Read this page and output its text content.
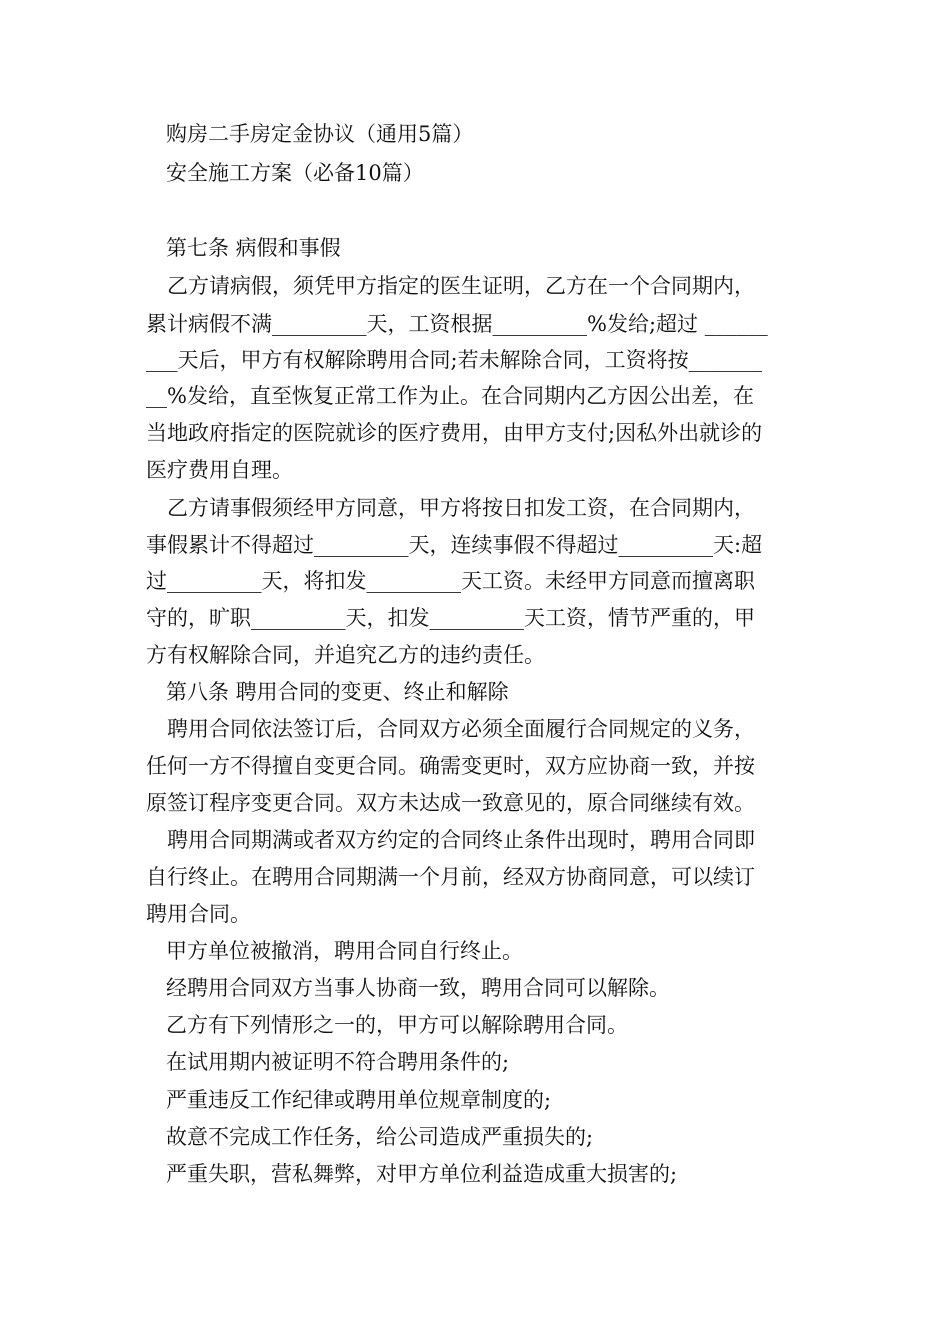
购房二手房定金协议（通用5篇）
安全施工方案（必备10篇）
第七条 病假和事假
　乙方请病假，须凭甲方指定的医生证明，乙方在一个合同期内，
累计病假不满_________天，工资根据_________%发给;超过 ______
___天后，甲方有权解除聘用合同;若未解除合同，工资将按_______
__%发给，直至恢复正常工作为止。在合同期内乙方因公出差，在
当地政府指定的医院就诊的医疗费用，由甲方支付;因私外出就诊的
医疗费用自理。
　乙方请事假须经甲方同意，甲方将按日扣发工资，在合同期内，
事假累计不得超过_________天，连续事假不得超过_________天:超
过_________天，将扣发_________天工资。未经甲方同意而擅离职
守的，旷职_________天，扣发_________天工资，情节严重的，甲
方有权解除合同，并追究乙方的违约责任。
第八条 聘用合同的变更、终止和解除
　聘用合同依法签订后，合同双方必须全面履行合同规定的义务，
任何一方不得擅自变更合同。确需变更时，双方应协商一致，并按
原签订程序变更合同。双方未达成一致意见的，原合同继续有效。
　聘用合同期满或者双方约定的合同终止条件出现时，聘用合同即
自行终止。在聘用合同期满一个月前，经双方协商同意，可以续订
聘用合同。
甲方单位被撤消，聘用合同自行终止。
经聘用合同双方当事人协商一致，聘用合同可以解除。
乙方有下列情形之一的，甲方可以解除聘用合同。
在试用期内被证明不符合聘用条件的;
严重违反工作纪律或聘用单位规章制度的;
故意不完成工作任务，给公司造成严重损失的;
严重失职，营私舞弊，对甲方单位利益造成重大损害的;
